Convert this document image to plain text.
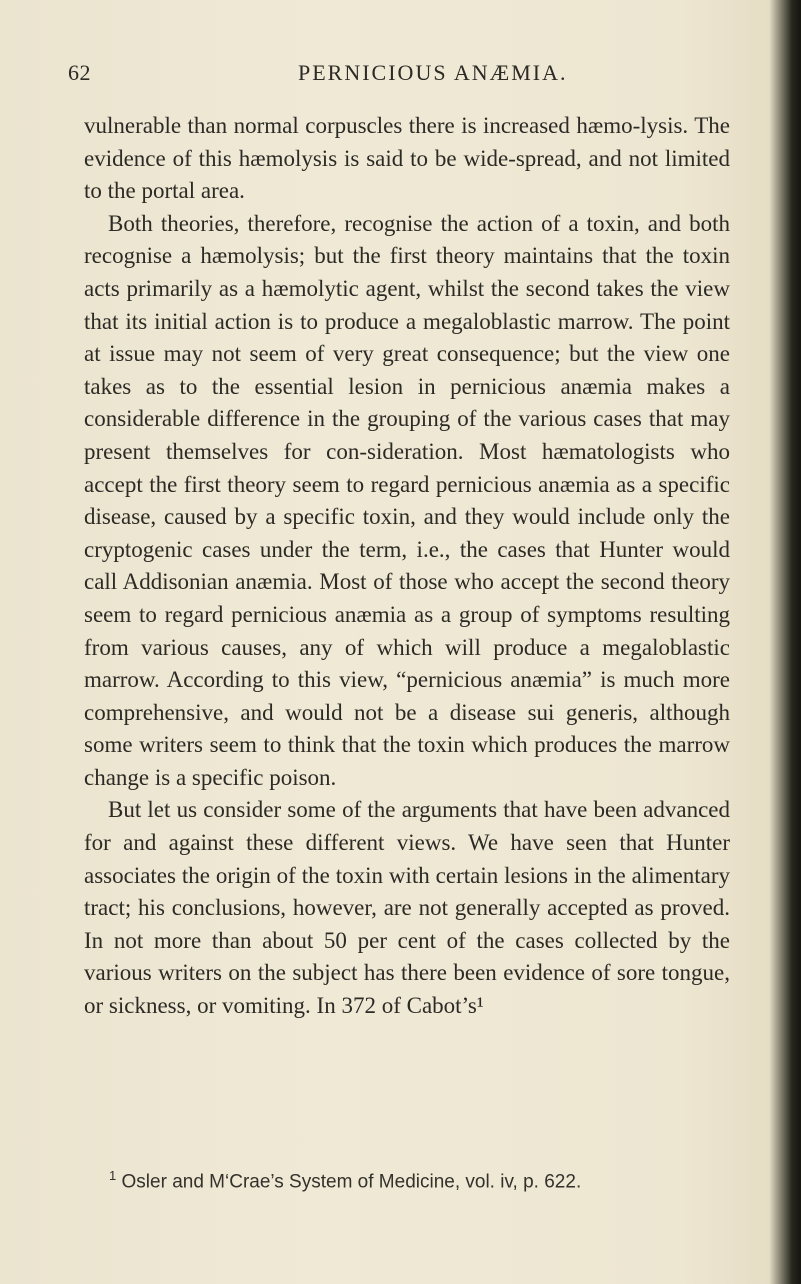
62	PERNICIOUS ANÆMIA.

vulnerable than normal corpuscles there is increased hæmo-lysis. The evidence of this hæmolysis is said to be wide-spread, and not limited to the portal area.

Both theories, therefore, recognise the action of a toxin, and both recognise a hæmolysis; but the first theory maintains that the toxin acts primarily as a hæmolytic agent, whilst the second takes the view that its initial action is to produce a megaloblastic marrow. The point at issue may not seem of very great consequence; but the view one takes as to the essential lesion in pernicious anæmia makes a considerable difference in the grouping of the various cases that may present themselves for con-sideration. Most hæmatologists who accept the first theory seem to regard pernicious anæmia as a specific disease, caused by a specific toxin, and they would include only the cryptogenic cases under the term, i.e., the cases that Hunter would call Addisonian anæmia. Most of those who accept the second theory seem to regard pernicious anæmia as a group of symptoms resulting from various causes, any of which will produce a megaloblastic marrow. According to this view, “pernicious anæmia” is much more comprehensive, and would not be a disease sui generis, although some writers seem to think that the toxin which produces the marrow change is a specific poison.

But let us consider some of the arguments that have been advanced for and against these different views. We have seen that Hunter associates the origin of the toxin with certain lesions in the alimentary tract; his conclusions, however, are not generally accepted as proved. In not more than about 50 per cent of the cases collected by the various writers on the subject has there been evidence of sore tongue, or sickness, or vomiting. In 372 of Cabot’s¹

$^1$ Osler and M‘Crae’s System of Medicine, vol. iv, p. 622.
